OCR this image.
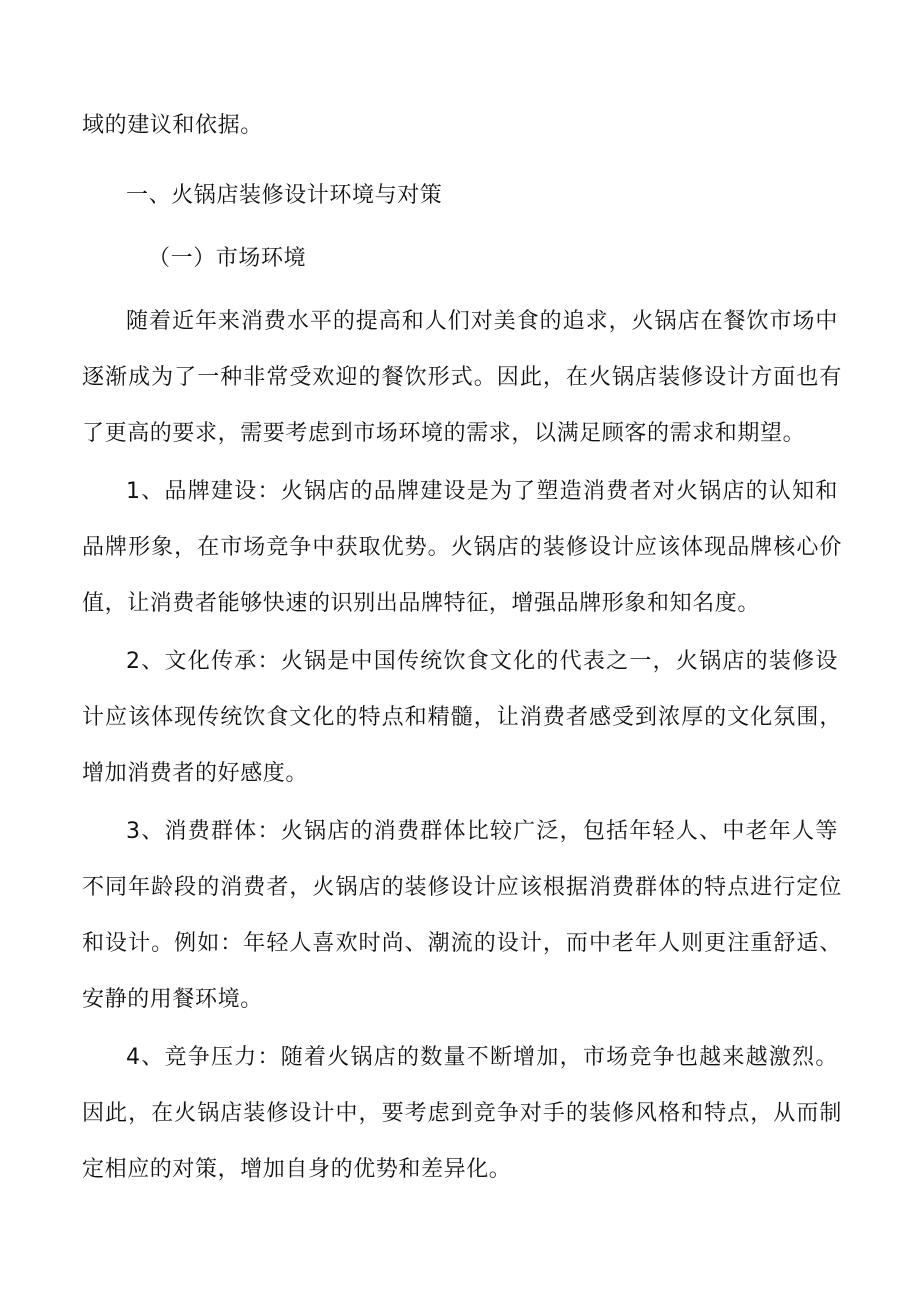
域的建议和依据。
一、火锅店装修设计环境与对策
（一）市场环境
随着近年来消费水平的提高和人们对美食的追求，火锅店在餐饮市场中
逐渐成为了一种非常受欢迎的餐饮形式。因此，在火锅店装修设计方面也有
了更高的要求，需要考虑到市场环境的需求，以满足顾客的需求和期望。
1、品牌建设：火锅店的品牌建设是为了塑造消费者对火锅店的认知和
品牌形象，在市场竞争中获取优势。火锅店的装修设计应该体现品牌核心价
值，让消费者能够快速的识别出品牌特征，增强品牌形象和知名度。
2、文化传承：火锅是中国传统饮食文化的代表之一，火锅店的装修设
计应该体现传统饮食文化的特点和精髓，让消费者感受到浓厚的文化氛围，
增加消费者的好感度。
3、消费群体：火锅店的消费群体比较广泛，包括年轻人、中老年人等
不同年龄段的消费者，火锅店的装修设计应该根据消费群体的特点进行定位
和设计。例如：年轻人喜欢时尚、潮流的设计，而中老年人则更注重舒适、
安静的用餐环境。
4、竞争压力：随着火锅店的数量不断增加，市场竞争也越来越激烈。
因此，在火锅店装修设计中，要考虑到竞争对手的装修风格和特点，从而制
定相应的对策，增加自身的优势和差异化。
